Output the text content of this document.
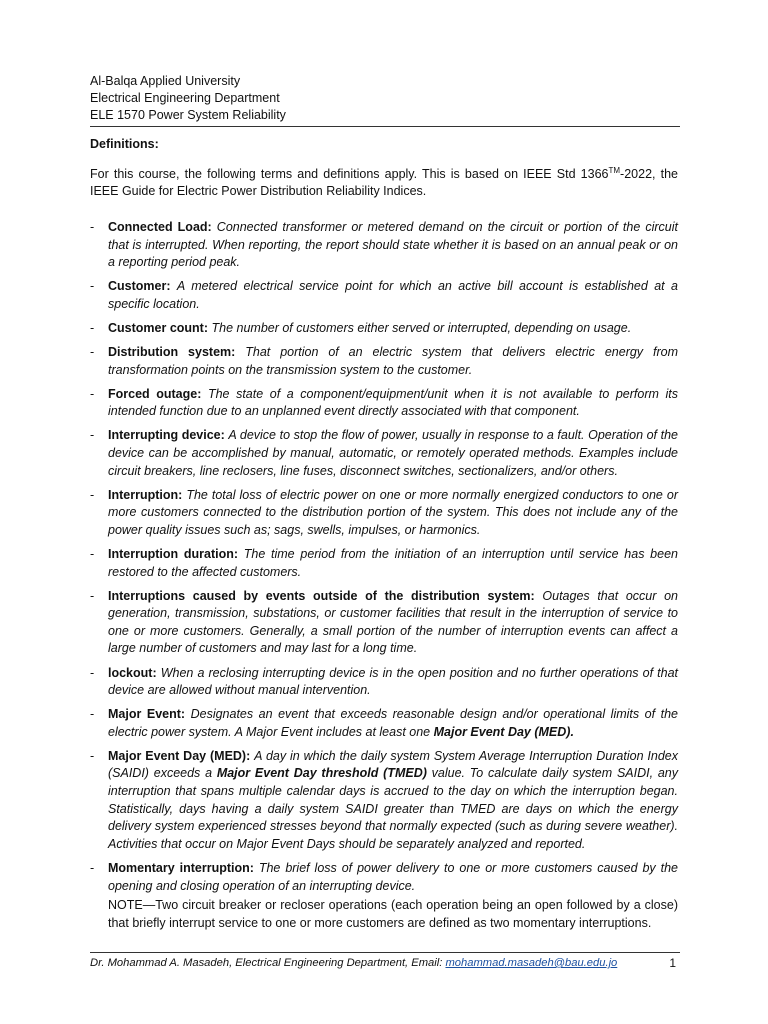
Al-Balqa Applied University
Electrical Engineering Department
ELE 1570 Power System Reliability
Definitions:

For this course, the following terms and definitions apply. This is based on IEEE Std 1366™-2022, the IEEE Guide for Electric Power Distribution Reliability Indices.

- Connected Load: Connected transformer or metered demand on the circuit or portion of the circuit that is interrupted. When reporting, the report should state whether it is based on an annual peak or on a reporting period peak.
- Customer: A metered electrical service point for which an active bill account is established at a specific location.
- Customer count: The number of customers either served or interrupted, depending on usage.
- Distribution system: That portion of an electric system that delivers electric energy from transformation points on the transmission system to the customer.
- Forced outage: The state of a component/equipment/unit when it is not available to perform its intended function due to an unplanned event directly associated with that component.
- Interrupting device: A device to stop the flow of power, usually in response to a fault. Operation of the device can be accomplished by manual, automatic, or remotely operated methods. Examples include circuit breakers, line reclosers, line fuses, disconnect switches, sectionalizers, and/or others.
- Interruption: The total loss of electric power on one or more normally energized conductors to one or more customers connected to the distribution portion of the system. This does not include any of the power quality issues such as; sags, swells, impulses, or harmonics.
- Interruption duration: The time period from the initiation of an interruption until service has been restored to the affected customers.
- Interruptions caused by events outside of the distribution system: Outages that occur on generation, transmission, substations, or customer facilities that result in the interruption of service to one or more customers. Generally, a small portion of the number of interruption events can affect a large number of customers and may last for a long time.
- lockout: When a reclosing interrupting device is in the open position and no further operations of that device are allowed without manual intervention.
- Major Event: Designates an event that exceeds reasonable design and/or operational limits of the electric power system. A Major Event includes at least one Major Event Day (MED).
- Major Event Day (MED): A day in which the daily system System Average Interruption Duration Index (SAIDI) exceeds a Major Event Day threshold (TMED) value. To calculate daily system SAIDI, any interruption that spans multiple calendar days is accrued to the day on which the interruption began. Statistically, days having a daily system SAIDI greater than TMED are days on which the energy delivery system experienced stresses beyond that normally expected (such as during severe weather). Activities that occur on Major Event Days should be separately analyzed and reported.
- Momentary interruption: The brief loss of power delivery to one or more customers caused by the opening and closing operation of an interrupting device.
NOTE—Two circuit breaker or recloser operations (each operation being an open followed by a close) that briefly interrupt service to one or more customers are defined as two momentary interruptions.
Dr. Mohammad A. Masadeh, Electrical Engineering Department, Email: mohammad.masadeh@bau.edu.jo	1
